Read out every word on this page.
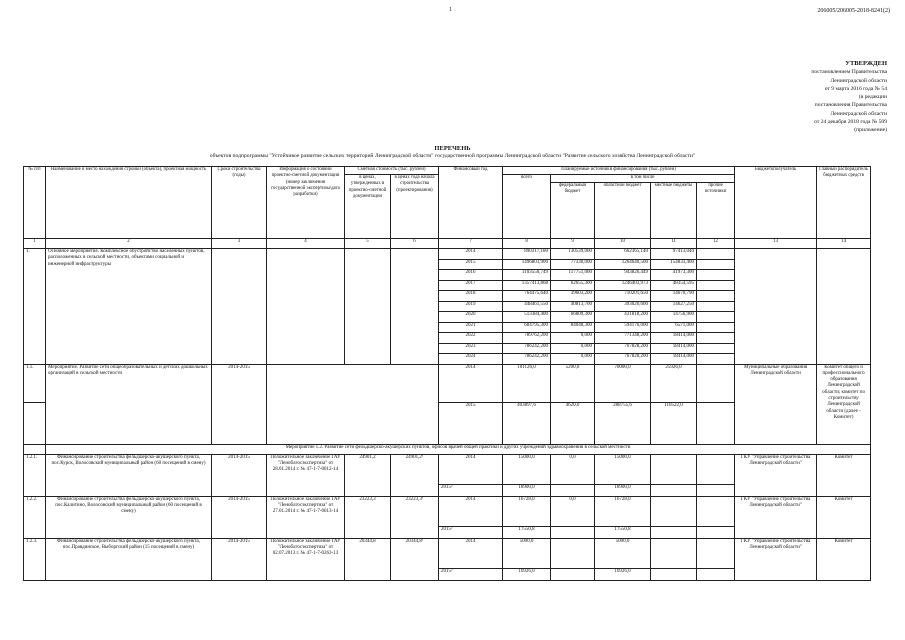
1	206005/206005-2018-8241(2)
УТВЕРЖДЕН
постановлением Правительства
Ленинградской области
от 9 марта 2016 года № 54
(в редакции
постановления Правительства
Ленинградской области
от 24 декабря 2018 года № 509
(приложение)
ПЕРЕЧЕНЬ
объектов подпрограммы "Устойчивое развитие сельских территорий Ленинградской области" государственной программы Ленинградской области "Развитие сельского хозяйства Ленинградской области"
№ п/п	Наименование и место нахождения стройки (объекта), проектная мощность	Сроки строительства (годы)	Информация о состоянии проектно-сметной документации (номер заключения государственной экспертизы/дата разработки)	Сметная стоимость (тыс. рублей)		Финансовый год	Планируемые источники финансирования (тыс. рублей)					Бюджетополучатель	Главный распорядитель бюджетных средств
				в ценах, утвержденных в проектно-сметной документации	в ценах года начала строительства (проектирования)		всего	в том числе					
								федеральный бюджет	областной бюджет	местные бюджеты	прочие источники		
1	2	3	4	5	6	7	8	9	10	11	12	13	14
1.	Основное мероприятие. Комплексное обустройство населенных пунктов, расположенных в сельской местности, объектами социальной и инженерной инфраструктуры					2014	890317,180	130539,000	662365,140	97413,040			
						2015	1496803,900	77330,000	1264640,500	154833,400			
						2016	1103550,749	117751,000	943826,449	41973,300			
						2017	1357413,868	62655,300	1246403,973	48354,595			
						2018	764475,640	39603,200	710201,650	14670,790			
						2019	448461,550	40813,700	393020,600	14627,250			
						2020	513384,400	66809,300	431818,200	14756,900			
						2021	684795,300	84048,300	594176,000	6571,000			
						2022	789762,200	0,000	771348,200	18414,000			
						2023	786242,200	0,000	767828,200	18414,000			
						2024	786242,200	0,000	767828,200	18414,000			
1.1.	Мероприятие. Развитие сети общеобразовательных и детских дошкольных организаций в сельской местности	2014-2015				2014	101126,0	5200,0	70000,0	25926,0		Муниципальные образования Ленинградской области	Комитет общего и профессионального образования Ленинградской области; комитет по строительству Ленинградской области (далее - Комитет)
						2015	403897,6	4620,0	288755,6	110522,0			
	Мероприятие 1.2. Развитие сети фельдшерско-акушерских пунктов, офисов врачей общей практики и других учреждений здравоохранения в сельской местности												
1.2.1.	Финансирование строительства фельдшерско-акушерского пункта, пос.Курск, Волосовский муниципальный район (60 посещений в смену)	2014-2015	Положительное заключение ГАУ "Леноблгосэкспертиза" от 28.01.2014 г. № 47-1-7-0012-14	24901,2	24901,2¹	2014	15000,0	0,0	15000,0			ГКУ "Управление строительства Ленинградской области"	Комитет
						2015²	18900,0		18900,0				
1.2.2.	Финансирование строительства фельдшерско-акушерского пункта, пос.Калитино, Волосовский муниципальный район (60 посещений в смену)	2014-2015	Положительное заключение ГАУ "Леноблгосэкспертиза" от 27.01.2014 г. № 47-1-7-0013-14	23223,3	23223,3¹	2014	16728,0	0,0	16728,0			ГКУ "Управление строительства Ленинградской области"	Комитет
						2015²	17550,8		17550,8				
1.2.3.	Финансирование строительства фельдшерско-акушерского пункта, пос.Правдинское, Выборгский район (15 посещений в смену)	2014-2015	Положительное заключение ГАУ "Леноблгосэкспертиза" от 02.07.2013 г. № 47-1-7-0263-13	20344,8	20344,8¹	2014	5000,0		5000,0			ГКУ "Управление строительства Ленинградской области"	Комитет
						2015²	16926,0		16926,0				
